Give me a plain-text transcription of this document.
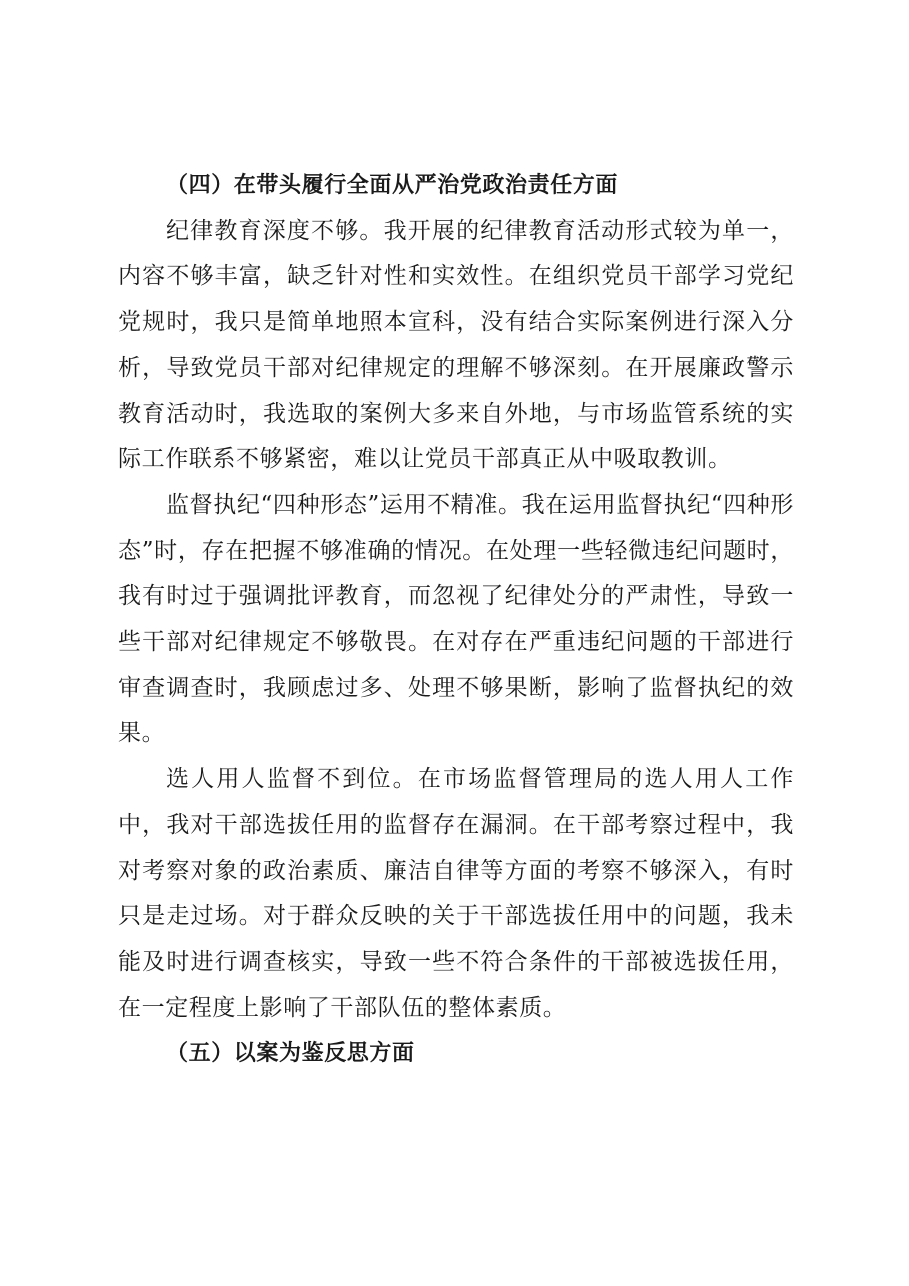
（四）在带头履行全面从严治党政治责任方面

纪律教育深度不够。我开展的纪律教育活动形式较为单一，内容不够丰富，缺乏针对性和实效性。在组织党员干部学习党纪党规时，我只是简单地照本宣科，没有结合实际案例进行深入分析，导致党员干部对纪律规定的理解不够深刻。在开展廉政警示教育活动时，我选取的案例大多来自外地，与市场监管系统的实际工作联系不够紧密，难以让党员干部真正从中吸取教训。

监督执纪“四种形态”运用不精准。我在运用监督执纪“四种形态”时，存在把握不够准确的情况。在处理一些轻微违纪问题时，我有时过于强调批评教育，而忽视了纪律处分的严肃性，导致一些干部对纪律规定不够敬畏。在对存在严重违纪问题的干部进行审查调查时，我顾虑过多、处理不够果断，影响了监督执纪的效果。

选人用人监督不到位。在市场监督管理局的选人用人工作中，我对干部选拔任用的监督存在漏洞。在干部考察过程中，我对考察对象的政治素质、廉洁自律等方面的考察不够深入，有时只是走过场。对于群众反映的关于干部选拔任用中的问题，我未能及时进行调查核实，导致一些不符合条件的干部被选拔任用，在一定程度上影响了干部队伍的整体素质。

（五）以案为鉴反思方面
